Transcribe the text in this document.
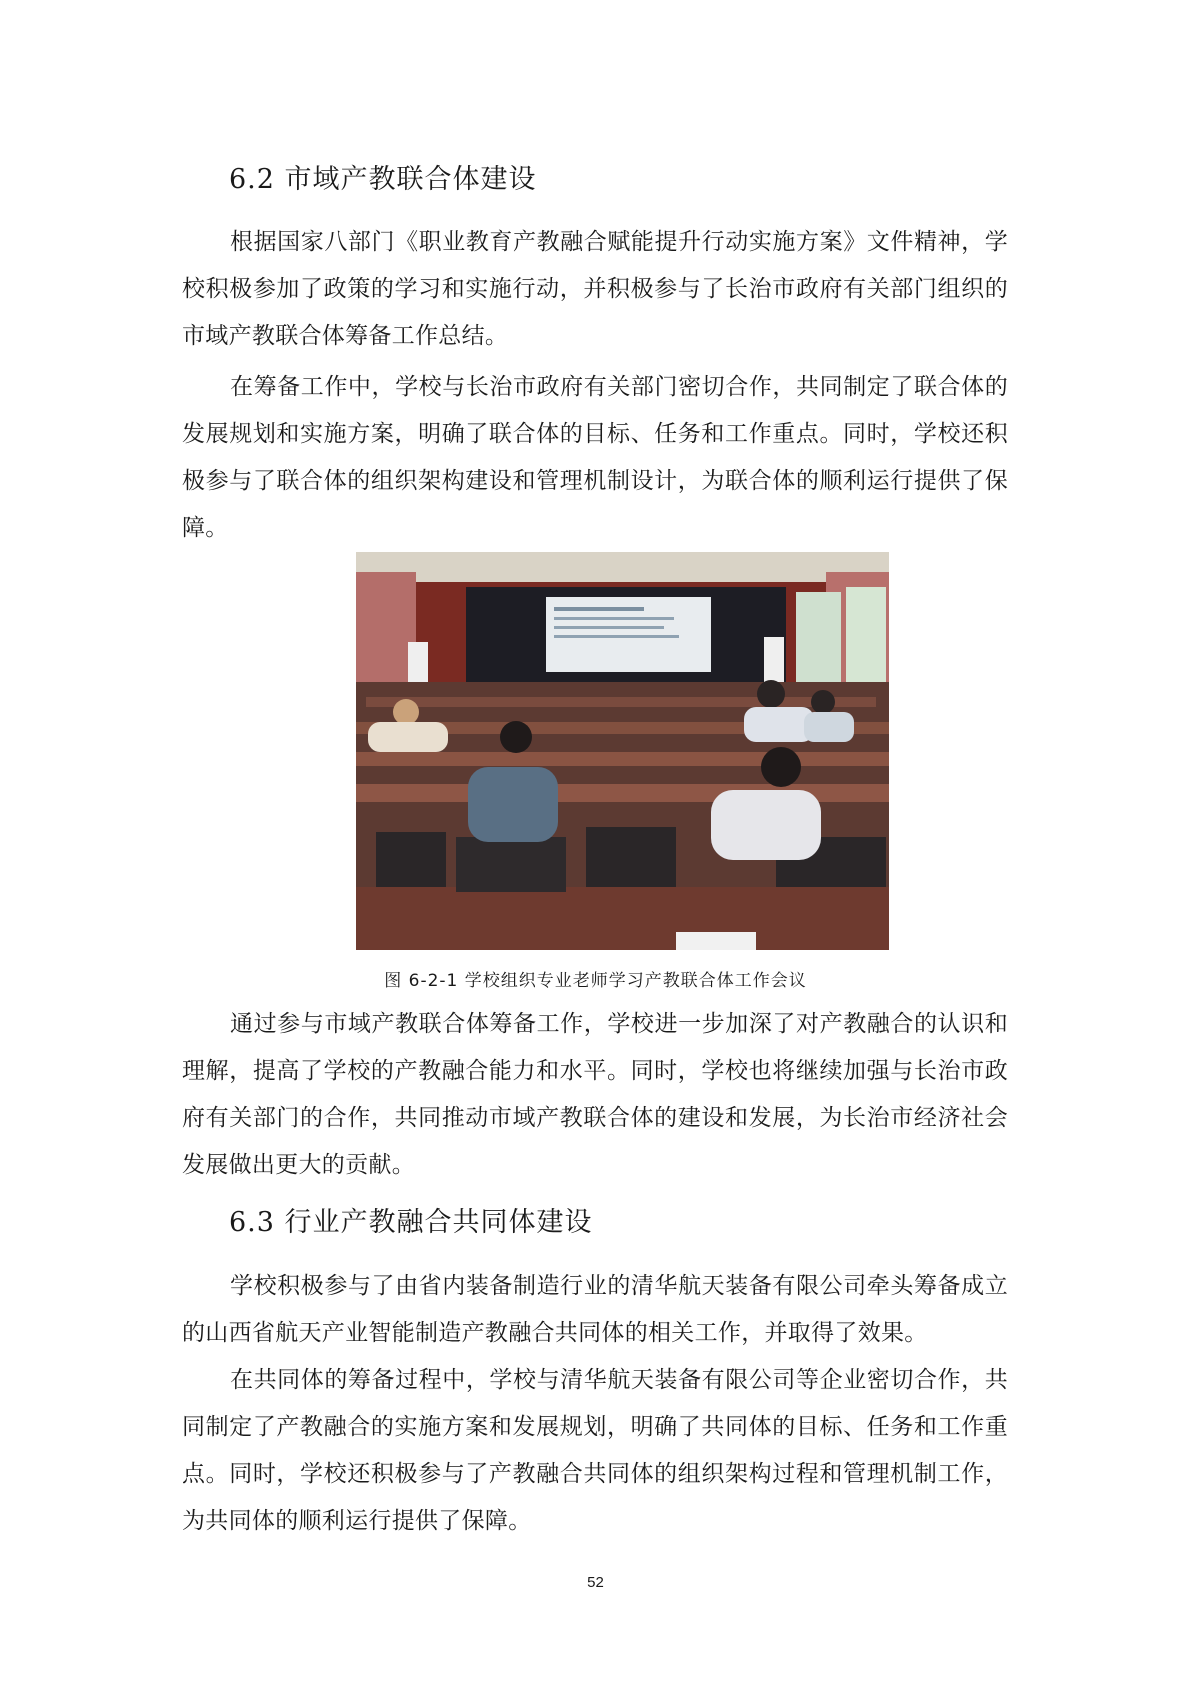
6.2 市域产教联合体建设

根据国家八部门《职业教育产教融合赋能提升行动实施方案》文件精神，学校积极参加了政策的学习和实施行动，并积极参与了长治市政府有关部门组织的市域产教联合体筹备工作总结。

在筹备工作中，学校与长治市政府有关部门密切合作，共同制定了联合体的发展规划和实施方案，明确了联合体的目标、任务和工作重点。同时，学校还积极参与了联合体的组织架构建设和管理机制设计，为联合体的顺利运行提供了保障。

图 6-2-1 学校组织专业老师学习产教联合体工作会议

通过参与市域产教联合体筹备工作，学校进一步加深了对产教融合的认识和理解，提高了学校的产教融合能力和水平。同时，学校也将继续加强与长治市政府有关部门的合作，共同推动市域产教联合体的建设和发展，为长治市经济社会发展做出更大的贡献。

6.3 行业产教融合共同体建设

学校积极参与了由省内装备制造行业的清华航天装备有限公司牵头筹备成立的山西省航天产业智能制造产教融合共同体的相关工作，并取得了效果。

在共同体的筹备过程中，学校与清华航天装备有限公司等企业密切合作，共同制定了产教融合的实施方案和发展规划，明确了共同体的目标、任务和工作重点。同时，学校还积极参与了产教融合共同体的组织架构过程和管理机制工作，为共同体的顺利运行提供了保障。

52
